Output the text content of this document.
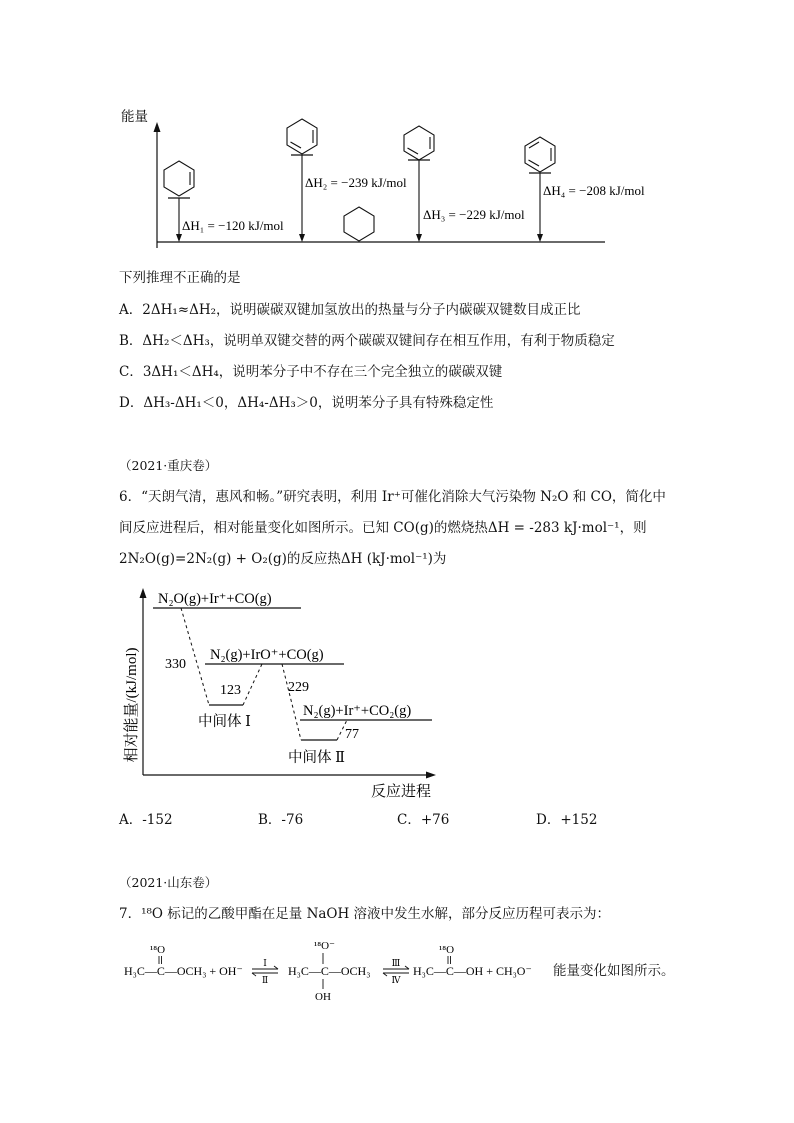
能量
ΔH₁ = −120 kJ/mol
ΔH₂ = −239 kJ/mol
ΔH₃ = −229 kJ/mol
ΔH₄ = −208 kJ/mol
下列推理不正确的是
A．2ΔH₁≈ΔH₂，说明碳碳双键加氢放出的热量与分子内碳碳双键数目成正比
B．ΔH₂＜ΔH₃，说明单双键交替的两个碳碳双键间存在相互作用，有利于物质稳定
C．3ΔH₁＜ΔH₄，说明苯分子中不存在三个完全独立的碳碳双键
D．ΔH₃-ΔH₁＜0，ΔH₄-ΔH₃＞0，说明苯分子具有特殊稳定性
（2021·重庆卷）
6．“天朗气清，惠风和畅。”研究表明，利用 Ir⁺可催化消除大气污染物 N₂O 和 CO，简化中
间反应进程后，相对能量变化如图所示。已知 CO(g)的燃烧热ΔH = -283 kJ·mol⁻¹，则
2N₂O(g)=2N₂(g) + O₂(g)的反应热ΔH (kJ·mol⁻¹)为
相对能量/(kJ/mol)
反应进程
N₂O(g)+Ir⁺+CO(g)
330
中间体 Ⅰ
123
N₂(g)+IrO⁺+CO(g)
229
中间体 Ⅱ
77
N₂(g)+Ir⁺+CO₂(g)
A．-152	B．-76	C．+76	D．+152
（2021·山东卷）
7．¹⁸O 标记的乙酸甲酯在足量 NaOH 溶液中发生水解，部分反应历程可表示为：
¹⁸O
H₃C—C—OCH₃ + OH⁻
Ⅰ
Ⅱ
¹⁸O⁻
H₃C—C—OCH₃
OH
Ⅲ
Ⅳ
¹⁸O
H₃C—C—OH + CH₃O⁻ 能量变化如图所示。
